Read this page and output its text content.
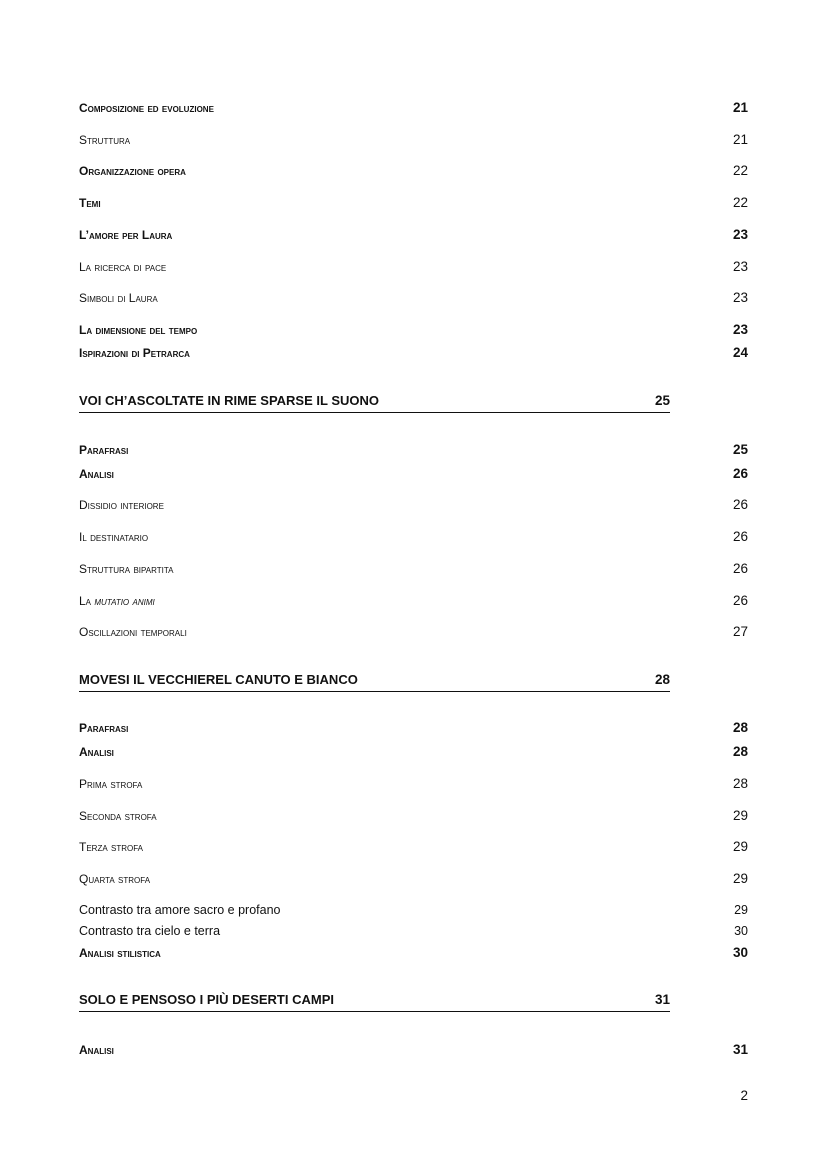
Composizione ed evoluzione	21
Struttura	21
Organizzazione opera	22
Temi	22
L’amore per Laura	23
La ricerca di pace	23
Simboli di Laura	23
La dimensione del tempo	23
Ispirazioni di Petrarca	24
VOI CH’ASCOLTATE IN RIME SPARSE IL SUONO	25
Parafrasi	25
Analisi	26
Dissidio interiore	26
Il destinatario	26
Struttura bipartita	26
La mutatio animi	26
Oscillazioni temporali	27
MOVESI IL VECCHIEREL CANUTO E BIANCO	28
Parafrasi	28
Analisi	28
Prima strofa	28
Seconda strofa	29
Terza strofa	29
Quarta strofa	29
Contrasto tra amore sacro e profano	29
Contrasto tra cielo e terra	30
Analisi stilistica	30
SOLO E PENSOSO I PIÙ DESERTI CAMPI	31
Analisi	31
2
